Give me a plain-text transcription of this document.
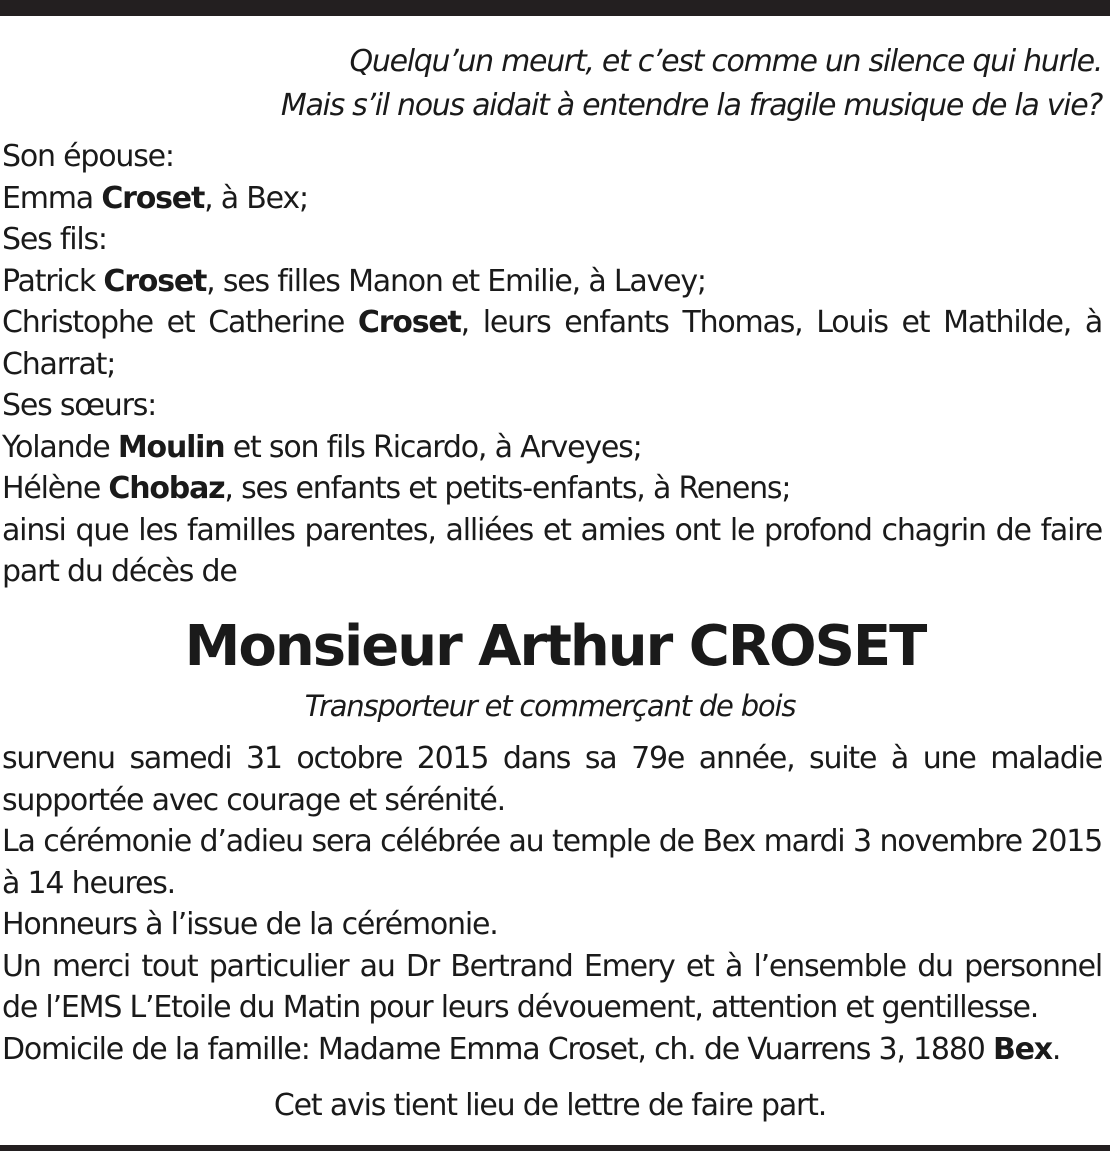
Quelqu’un meurt, et c’est comme un silence qui hurle.
Mais s’il nous aidait à entendre la fragile musique de la vie?
Son épouse:
Emma Croset, à Bex;
Ses fils:
Patrick Croset, ses filles Manon et Emilie, à Lavey;
Christophe et Catherine Croset, leurs enfants Thomas, Louis et Mathilde, à Charrat;
Ses sœurs:
Yolande Moulin et son fils Ricardo, à Arveyes;
Hélène Chobaz, ses enfants et petits-enfants, à Renens;
ainsi que les familles parentes, alliées et amies ont le profond chagrin de faire part du décès de
Monsieur Arthur CROSET
Transporteur et commerçant de bois
survenu samedi 31 octobre 2015 dans sa 79e année, suite à une maladie supportée avec courage et sérénité.
La cérémonie d’adieu sera célébrée au temple de Bex mardi 3 novembre 2015 à 14 heures.
Honneurs à l’issue de la cérémonie.
Un merci tout particulier au Dr Bertrand Emery et à l’ensemble du personnel de l’EMS L’Etoile du Matin pour leurs dévouement, attention et gentillesse.
Domicile de la famille: Madame Emma Croset, ch. de Vuarrens 3, 1880 Bex.
Cet avis tient lieu de lettre de faire part.
